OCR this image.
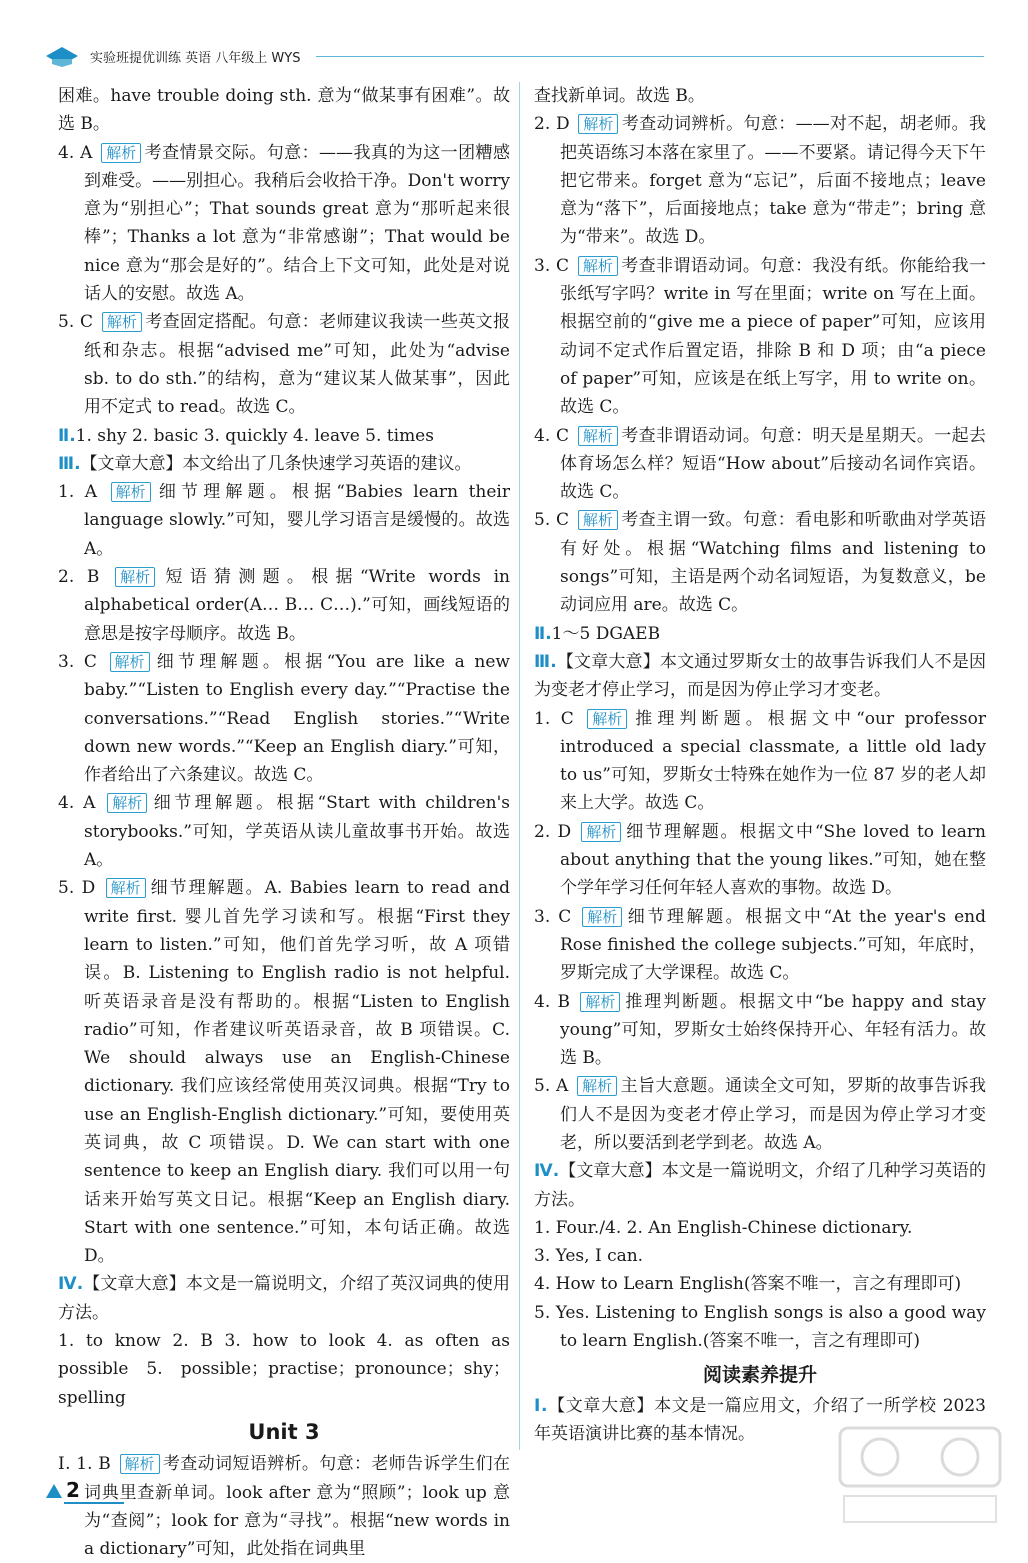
实验班提优训练 英语 八年级上 WYS

困难。have trouble doing sth. 意为“做某事有困难”。故选 B。

4. A 解析 考查情景交际。句意：——我真的为这一团糟感到难受。——别担心。我稍后会收拾干净。Don't worry 意为“别担心”；That sounds great 意为“那听起来很棒”；Thanks a lot 意为“非常感谢”；That would be nice 意为“那会是好的”。结合上下文可知，此处是对说话人的安慰。故选 A。

5. C 解析 考查固定搭配。句意：老师建议我读一些英文报纸和杂志。根据“advised me”可知，此处为“advise sb. to do sth.”的结构，意为“建议某人做某事”，因此用不定式 to read。故选 C。

Ⅱ.1. shy 2. basic 3. quickly 4. leave 5. times

Ⅲ.【文章大意】本文给出了几条快速学习英语的建议。

1. A 解析 细节理解题。根据“Babies learn their language slowly.”可知，婴儿学习语言是缓慢的。故选 A。

2. B 解析 短语猜测题。根据“Write words in alphabetical order(A… B… C…).”可知，画线短语的意思是按字母顺序。故选 B。

3. C 解析 细节理解题。根据“You are like a new baby.”“Listen to English every day.”“Practise the conversations.”“Read English stories.”“Write down new words.”“Keep an English diary.”可知，作者给出了六条建议。故选 C。

4. A 解析 细节理解题。根据“Start with children's storybooks.”可知，学英语从读儿童故事书开始。故选 A。

5. D 解析 细节理解题。A. Babies learn to read and write first. 婴儿首先学习读和写。根据“First they learn to listen.”可知，他们首先学习听，故 A 项错误。B. Listening to English radio is not helpful. 听英语录音是没有帮助的。根据“Listen to English radio”可知，作者建议听英语录音，故 B 项错误。C. We should always use an English-Chinese dictionary. 我们应该经常使用英汉词典。根据“Try to use an English-English dictionary.”可知，要使用英英词典，故 C 项错误。D. We can start with one sentence to keep an English diary. 我们可以用一句话来开始写英文日记。根据“Keep an English diary. Start with one sentence.”可知，本句话正确。故选 D。

Ⅳ.【文章大意】本文是一篇说明文，介绍了英汉词典的使用方法。

1. to know 2. B 3. how to look 4. as often as possible 5. possible；practise；pronounce；shy；spelling

Unit 3

Ⅰ. 1. B 解析 考查动词短语辨析。句意：老师告诉学生们在词典里查新单词。look after 意为“照顾”；look up 意为“查阅”；look for 意为“寻找”。根据“new words in a dictionary”可知，此处指在词典里

查找新单词。故选 B。

2. D 解析 考查动词辨析。句意：——对不起，胡老师。我把英语练习本落在家里了。——不要紧。请记得今天下午把它带来。forget 意为“忘记”，后面不接地点；leave 意为“落下”，后面接地点；take 意为“带走”；bring 意为“带来”。故选 D。

3. C 解析 考查非谓语动词。句意：我没有纸。你能给我一张纸写字吗？write in 写在里面；write on 写在上面。根据空前的“give me a piece of paper”可知，应该用动词不定式作后置定语，排除 B 和 D 项；由“a piece of paper”可知，应该是在纸上写字，用 to write on。故选 C。

4. C 解析 考查非谓语动词。句意：明天是星期天。一起去体育场怎么样？短语“How about”后接动名词作宾语。故选 C。

5. C 解析 考查主谓一致。句意：看电影和听歌曲对学英语有好处。根据“Watching films and listening to songs”可知，主语是两个动名词短语，为复数意义，be 动词应用 are。故选 C。

Ⅱ.1～5 DGAEB

Ⅲ.【文章大意】本文通过罗斯女士的故事告诉我们人不是因为变老才停止学习，而是因为停止学习才变老。

1. C 解析 推理判断题。根据文中“our professor introduced a special classmate, a little old lady to us”可知，罗斯女士特殊在她作为一位 87 岁的老人却来上大学。故选 C。

2. D 解析 细节理解题。根据文中“She loved to learn about anything that the young likes.”可知，她在整个学年学习任何年轻人喜欢的事物。故选 D。

3. C 解析 细节理解题。根据文中“At the year's end Rose finished the college subjects.”可知，年底时，罗斯完成了大学课程。故选 C。

4. B 解析 推理判断题。根据文中“be happy and stay young”可知，罗斯女士始终保持开心、年轻有活力。故选 B。

5. A 解析 主旨大意题。通读全文可知，罗斯的故事告诉我们人不是因为变老才停止学习，而是因为停止学习才变老，所以要活到老学到老。故选 A。

Ⅳ.【文章大意】本文是一篇说明文，介绍了几种学习英语的方法。

1. Four./4. 2. An English-Chinese dictionary.

3. Yes, I can.

4. How to Learn English(答案不唯一，言之有理即可)

5. Yes. Listening to English songs is also a good way to learn English.(答案不唯一，言之有理即可)

阅读素养提升

Ⅰ.【文章大意】本文是一篇应用文，介绍了一所学校 2023 年英语演讲比赛的基本情况。

2
